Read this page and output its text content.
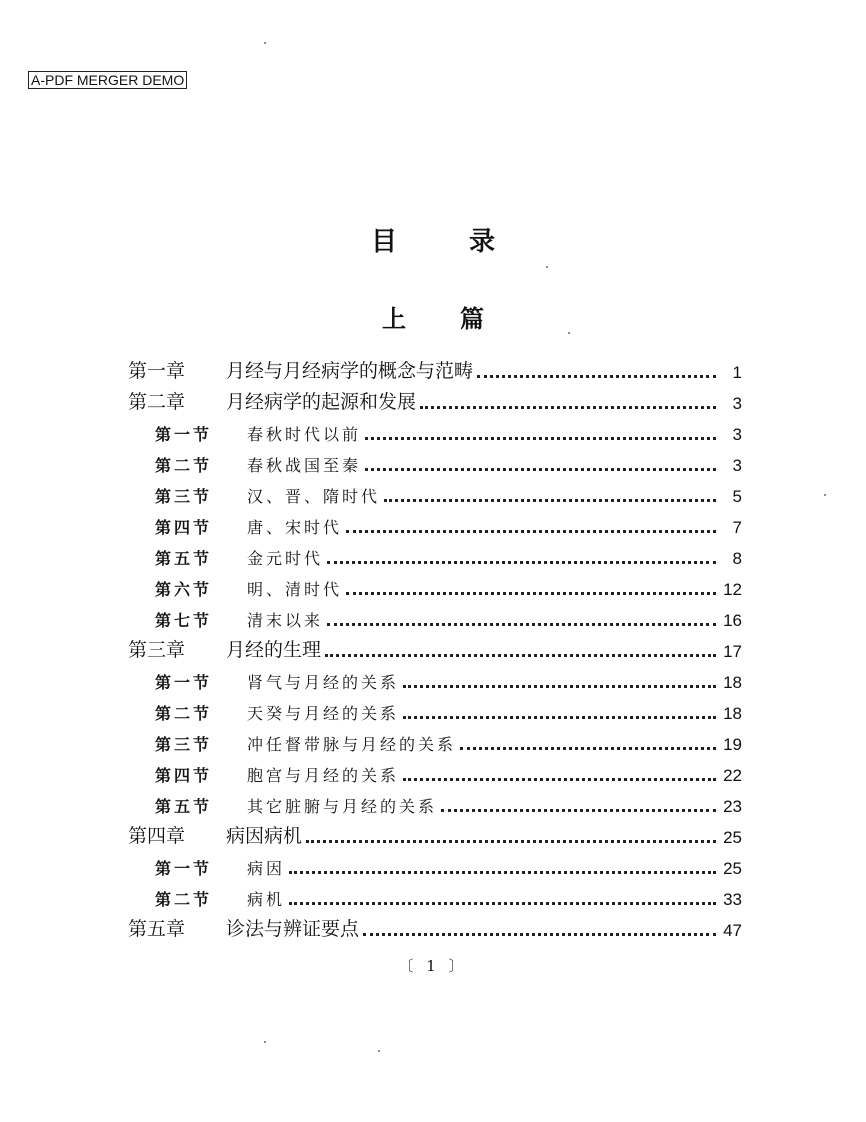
A-PDF MERGER DEMO
目录
上篇
第一章	月经与月经病学的概念与范畴	1
第二章	月经病学的起源和发展	3
第一节	春秋时代以前	3
第二节	春秋战国至秦	3
第三节	汉、晋、隋时代	5
第四节	唐、宋时代	7
第五节	金元时代	8
第六节	明、清时代	12
第七节	清末以来	16
第三章	月经的生理	17
第一节	肾气与月经的关系	18
第二节	天癸与月经的关系	18
第三节	冲任督带脉与月经的关系	19
第四节	胞宫与月经的关系	22
第五节	其它脏腑与月经的关系	23
第四章	病因病机	25
第一节	病因	25
第二节	病机	33
第五章	诊法与辨证要点	47
〔 1 〕
